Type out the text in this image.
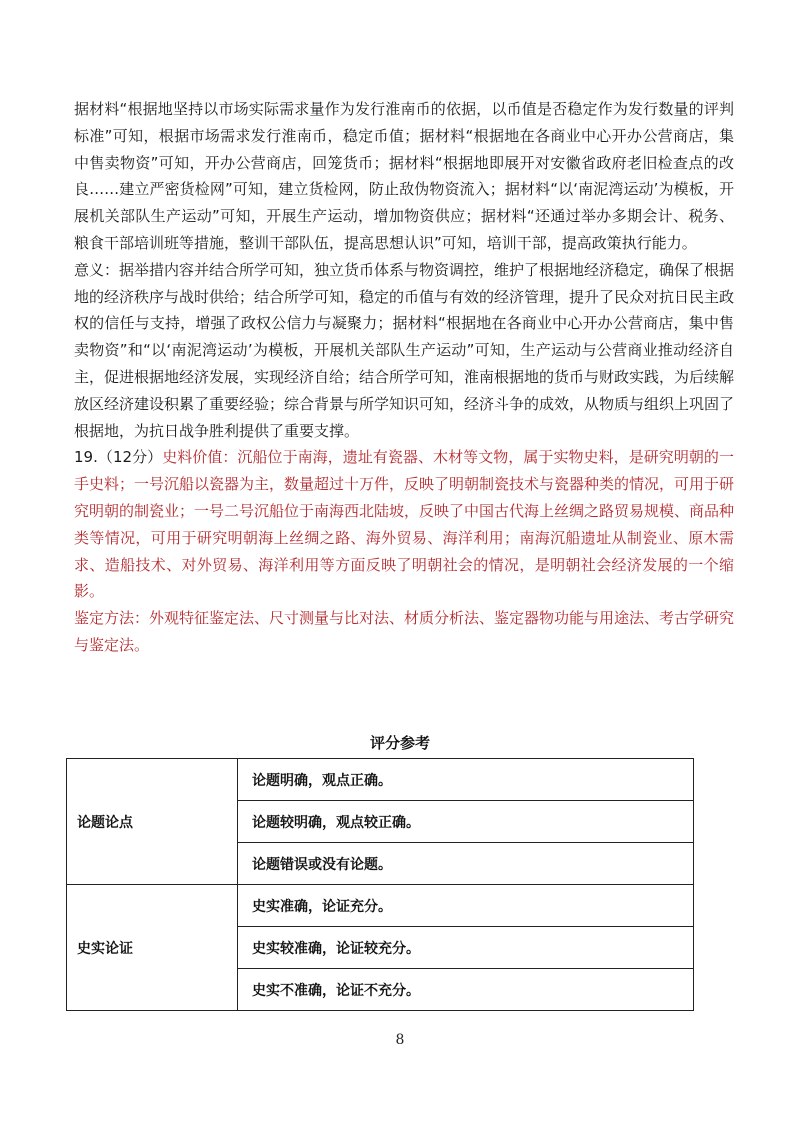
据材料“根据地坚持以市场实际需求量作为发行淮南币的依据，以币值是否稳定作为发行数量的评判标准”可知，根据市场需求发行淮南币，稳定币值；据材料“根据地在各商业中心开办公营商店，集中售卖物资”可知，开办公营商店，回笼货币；据材料“根据地即展开对安徽省政府老旧检查点的改良……建立严密货检网”可知，建立货检网，防止敌伪物资流入；据材料“以‘南泥湾运动’为模板，开展机关部队生产运动”可知，开展生产运动，增加物资供应；据材料“还通过举办多期会计、税务、粮食干部培训班等措施，整训干部队伍，提高思想认识”可知，培训干部，提高政策执行能力。

意义：据举措内容并结合所学可知，独立货币体系与物资调控，维护了根据地经济稳定，确保了根据地的经济秩序与战时供给；结合所学可知，稳定的币值与有效的经济管理，提升了民众对抗日民主政权的信任与支持，增强了政权公信力与凝聚力；据材料“根据地在各商业中心开办公营商店，集中售卖物资”和“以‘南泥湾运动’为模板，开展机关部队生产运动”可知，生产运动与公营商业推动经济自主，促进根据地经济发展，实现经济自给；结合所学可知，淮南根据地的货币与财政实践，为后续解放区经济建设积累了重要经验；综合背景与所学知识可知，经济斗争的成效，从物质与组织上巩固了根据地，为抗日战争胜利提供了重要支撑。

19.（12分）史料价值：沉船位于南海，遗址有瓷器、木材等文物，属于实物史料，是研究明朝的一手史料；一号沉船以瓷器为主，数量超过十万件，反映了明朝制瓷技术与瓷器种类的情况，可用于研究明朝的制瓷业；一号二号沉船位于南海西北陆坡，反映了中国古代海上丝绸之路贸易规模、商品种类等情况，可用于研究明朝海上丝绸之路、海外贸易、海洋利用；南海沉船遗址从制瓷业、原木需求、造船技术、对外贸易、海洋利用等方面反映了明朝社会的情况，是明朝社会经济发展的一个缩影。

鉴定方法：外观特征鉴定法、尺寸测量与比对法、材质分析法、鉴定器物功能与用途法、考古学研究与鉴定法。

评分参考
论题论点	论题明确，观点正确。
	论题较明确，观点较正确。
	论题错误或没有论题。
史实论证	史实准确，论证充分。
	史实较准确，论证较充分。
	史实不准确，论证不充分。
8
